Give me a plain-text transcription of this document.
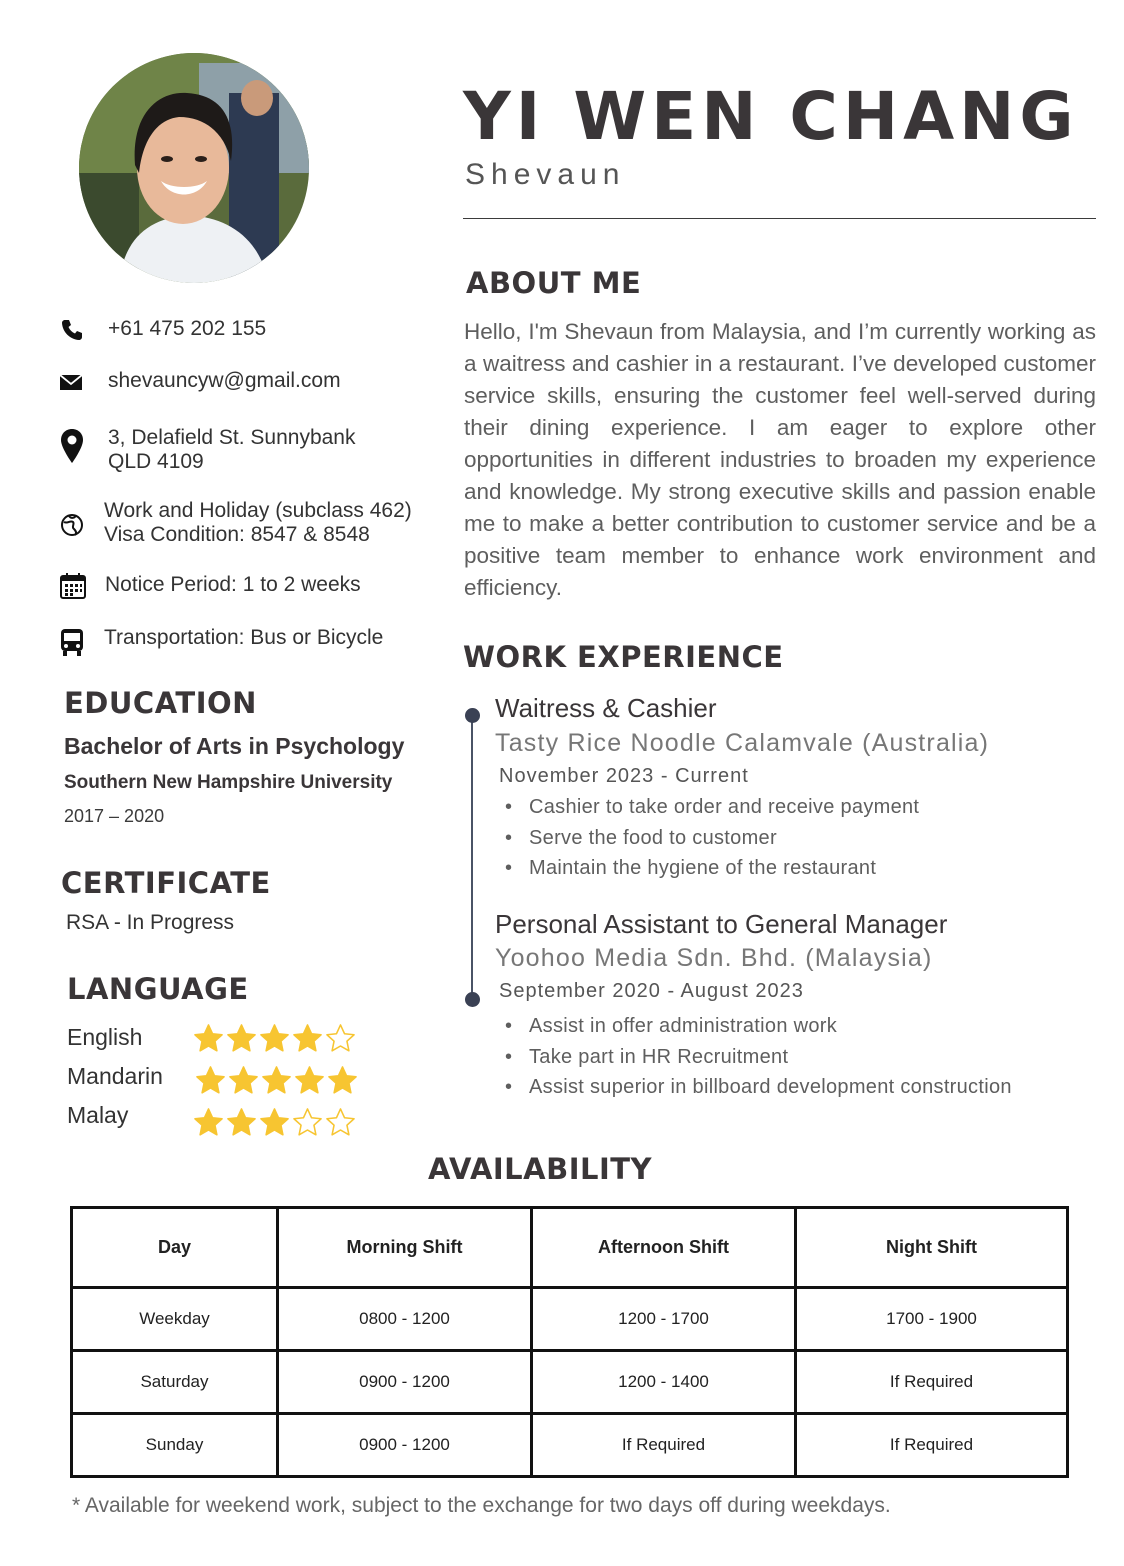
YI WEN CHANG
Shevaun
+61 475 202 155
shevauncyw@gmail.com
3, Delafield St. Sunnybank
QLD 4109
Work and Holiday (subclass 462)
Visa Condition: 8547 & 8548
Notice Period: 1 to 2 weeks
Transportation: Bus or Bicycle
EDUCATION
Bachelor of Arts in Psychology
Southern New Hampshire University
2017 – 2020
CERTIFICATE
RSA - In Progress
LANGUAGE
English
Mandarin
Malay
ABOUT ME
Hello, I'm Shevaun from Malaysia, and I’m currently working as a waitress and cashier in a restaurant. I’ve developed customer service skills, ensuring the customer feel well-served during their dining experience. I am eager to explore other opportunities in different industries to broaden my experience and knowledge. My strong executive skills and passion enable me to make a better contribution to customer service and be a positive team member to enhance work environment and efficiency.
WORK EXPERIENCE
Waitress & Cashier
Tasty Rice Noodle Calamvale (Australia)
November 2023 - Current
• Cashier to take order and receive payment
• Serve the food to customer
• Maintain the hygiene of the restaurant
Personal Assistant to General Manager
Yoohoo Media Sdn. Bhd. (Malaysia)
September 2020 - August 2023
• Assist in offer administration work
• Take part in HR Recruitment
• Assist superior in billboard development construction
AVAILABILITY
Day	Morning Shift	Afternoon Shift	Night Shift
Weekday	0800 - 1200	1200 - 1700	1700 - 1900
Saturday	0900 - 1200	1200 - 1400	If Required
Sunday	0900 - 1200	If Required	If Required
* Available for weekend work, subject to the exchange for two days off during weekdays.
